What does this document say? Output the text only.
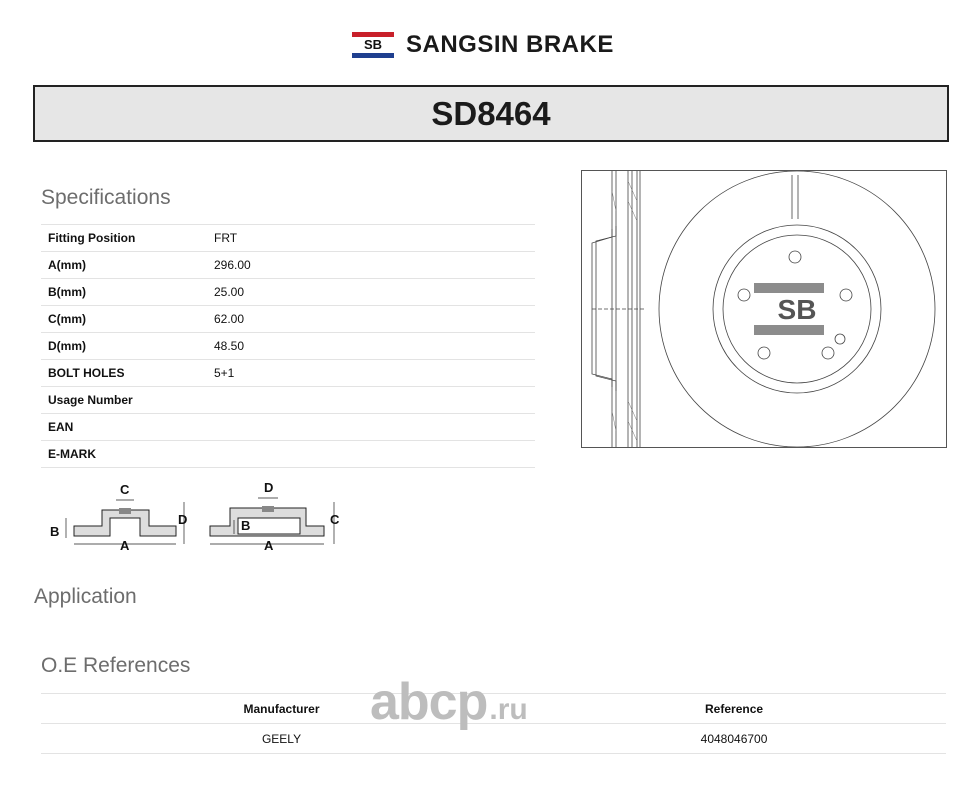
SB SANGSIN BRAKE
SD8464
Specifications
Fitting Position	FRT
A(mm)	296.00
B(mm)	25.00
C(mm)	62.00
D(mm)	48.50
BOLT HOLES	5+1
Usage Number	
EAN	
E-MARK	
SB
C
B
D
A
D
B	C
A
Application
O.E References
Manufacturer	Reference
GEELY	4048046700
abcp .ru
